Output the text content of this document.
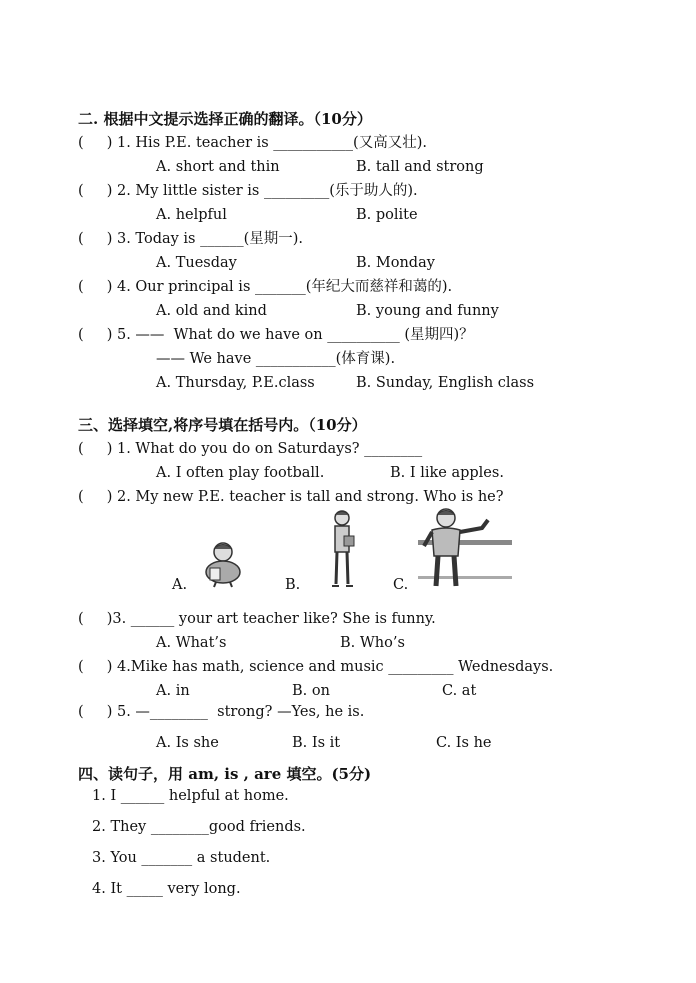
二. 根据中文提示选择正确的翻译。（10分）
(     ) 1. His P.E. teacher is ___________(又高又壮).
A. short and thin	B. tall and strong
(     ) 2. My little sister is _________(乐于助人的).
A. helpful	B. polite
(     ) 3. Today is ______(星期一).
A. Tuesday	B. Monday
(     ) 4. Our principal is _______(年纪大而慈祥和蔼的).
A. old and kind	B. young and funny
(     ) 5. ——  What do we have on __________ (星期四)？
—— We have ___________(体育课).
A. Thursday, P.E.class	B. Sunday, English class
三、选择填空,将序号填在括号内。（10分）
(     ) 1. What do you do on Saturdays? ________
A. I often play football.	B. I like apples.
(     ) 2. My new P.E. teacher is tall and strong. Who is he?
A.	B.	C.
(     )3. ______ your art teacher like? She is funny.
A. What’s	B. Who’s
(     ) 4.Mike has math, science and music _________ Wednesdays.
A. in	B. on	C. at
(     ) 5. —________  strong? —Yes, he is.
A. Is she	B. Is it	C. Is he
四、读句子，用 am, is , are 填空。(5分)
1. I ______ helpful at home.
2. They ________good friends.
3. You _______ a student.
4. It _____ very long.
